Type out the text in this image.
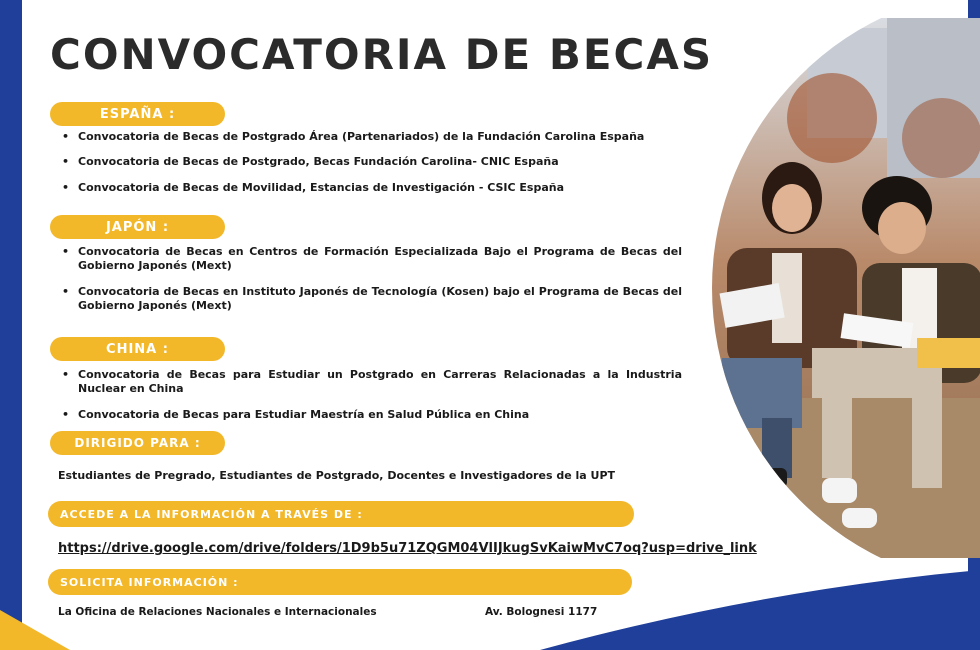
CONVOCATORIA DE BECAS
ESPAÑA :
• Convocatoria de Becas de Postgrado Área (Partenariados) de la Fundación Carolina España
• Convocatoria de Becas de Postgrado, Becas Fundación Carolina- CNIC España
• Convocatoria de Becas de Movilidad, Estancias de Investigación - CSIC España
JAPÓN :
• Convocatoria de Becas en Centros de Formación Especializada Bajo el Programa de Becas del Gobierno Japonés (Mext)
• Convocatoria de Becas en Instituto Japonés de Tecnología (Kosen) bajo el Programa de Becas del Gobierno Japonés (Mext)
CHINA :
• Convocatoria de Becas para Estudiar un Postgrado en Carreras Relacionadas a la Industria Nuclear en China
• Convocatoria de Becas para Estudiar Maestría en Salud Pública en China
DIRIGIDO PARA :
Estudiantes de Pregrado, Estudiantes de Postgrado, Docentes e Investigadores de la UPT
ACCEDE A LA INFORMACIÓN A TRAVÉS DE :
https://drive.google.com/drive/folders/1D9b5u71ZQGM04VlIJkugSvKaiwMvC7oq?usp=drive_link
SOLICITA INFORMACIÓN :
La Oficina de Relaciones Nacionales e Internacionales	Av. Bolognesi 1177
